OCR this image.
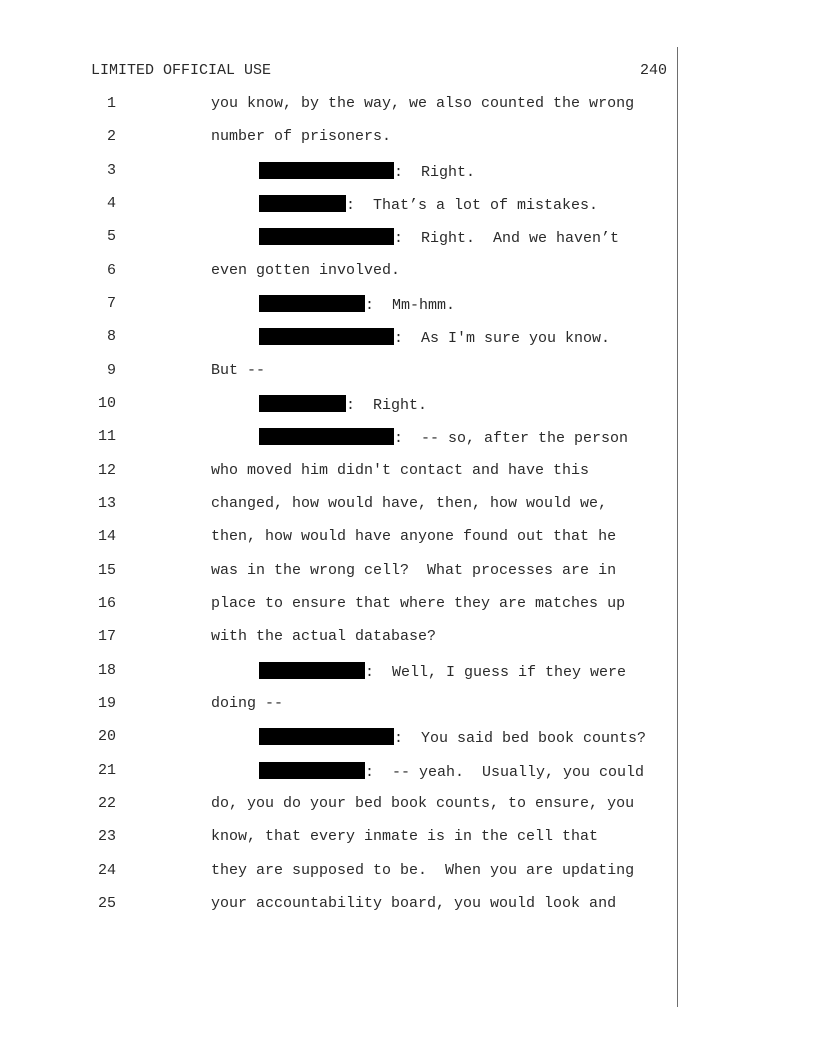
LIMITED OFFICIAL USE	240
1	you know, by the way, we also counted the wrong
2	number of prisoners.
3	:  Right.
4	:  That’s a lot of mistakes.
5	:  Right.  And we haven’t
6	even gotten involved.
7	:  Mm-hmm.
8	:  As I'm sure you know.
9	But --
10	:  Right.
11	:  -- so, after the person
12	who moved him didn't contact and have this
13	changed, how would have, then, how would we,
14	then, how would have anyone found out that he
15	was in the wrong cell?  What processes are in
16	place to ensure that where they are matches up
17	with the actual database?
18	:  Well, I guess if they were
19	doing --
20	:  You said bed book counts?
21	:  -- yeah.  Usually, you could
22	do, you do your bed book counts, to ensure, you
23	know, that every inmate is in the cell that
24	they are supposed to be.  When you are updating
25	your accountability board, you would look and
